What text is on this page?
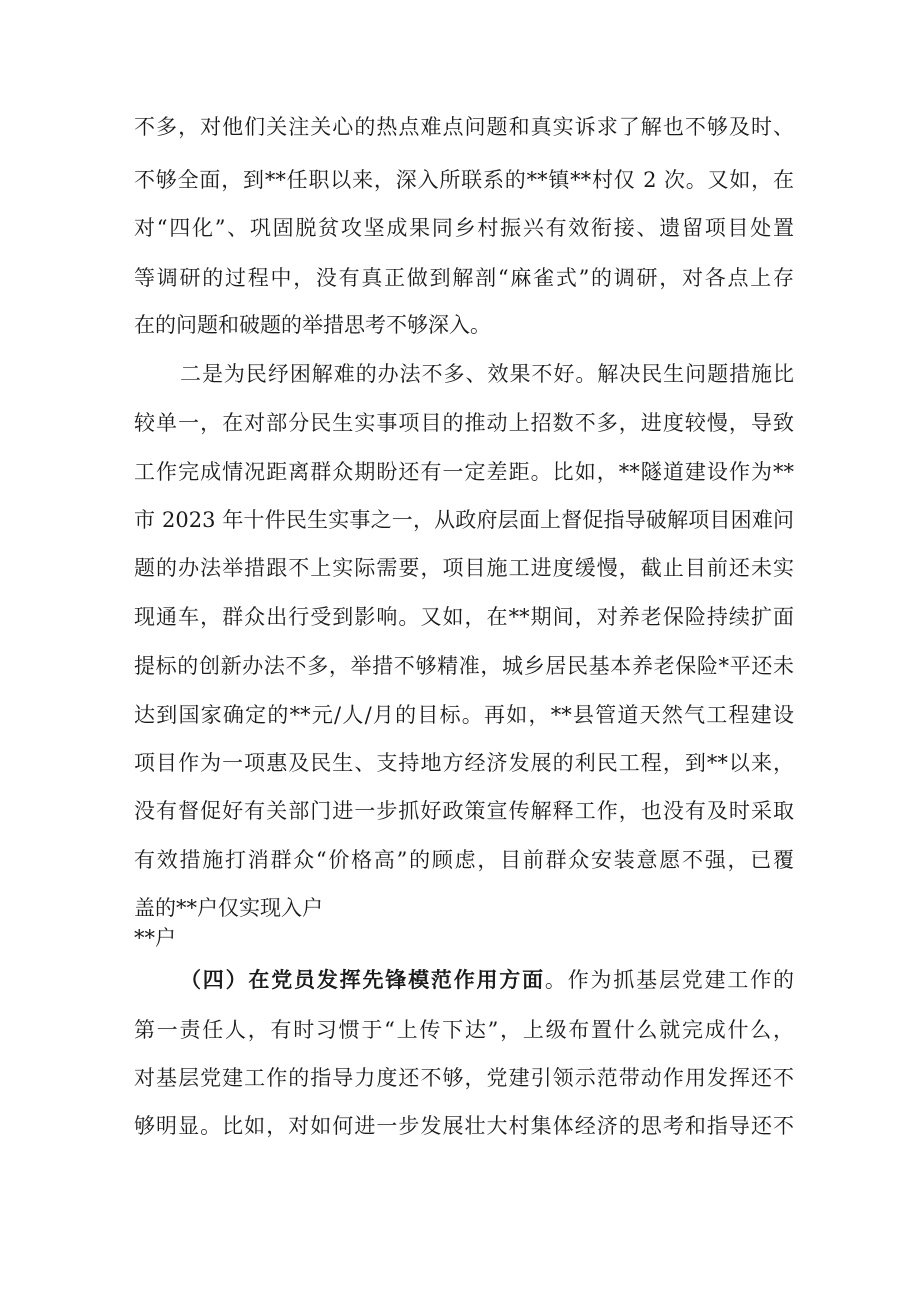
不多，对他们关注关心的热点难点问题和真实诉求了解也不够及时、
不够全面，到**任职以来，深入所联系的**镇**村仅 2 次。又如，在
对“四化”、巩固脱贫攻坚成果同乡村振兴有效衔接、遗留项目处置
等调研的过程中，没有真正做到解剖“麻雀式”的调研，对各点上存
在的问题和破题的举措思考不够深入。
二是为民纾困解难的办法不多、效果不好。解决民生问题措施比
较单一，在对部分民生实事项目的推动上招数不多，进度较慢，导致
工作完成情况距离群众期盼还有一定差距。比如，**隧道建设作为**
市 2023 年十件民生实事之一，从政府层面上督促指导破解项目困难问
题的办法举措跟不上实际需要，项目施工进度缓慢，截止目前还未实
现通车，群众出行受到影响。又如，在**期间，对养老保险持续扩面
提标的创新办法不多，举措不够精准，城乡居民基本养老保险*平还未
达到国家确定的**元/人/月的目标。再如，**县管道天然气工程建设
项目作为一项惠及民生、支持地方经济发展的利民工程，到**以来，
没有督促好有关部门进一步抓好政策宣传解释工作，也没有及时采取
有效措施打消群众“价格高”的顾虑，目前群众安装意愿不强，已覆
盖的**户仅实现入户
**户
（四）在党员发挥先锋模范作用方面。作为抓基层党建工作的
第一责任人，有时习惯于“上传下达”，上级布置什么就完成什么，
对基层党建工作的指导力度还不够，党建引领示范带动作用发挥还不
够明显。比如，对如何进一步发展壮大村集体经济的思考和指导还不
